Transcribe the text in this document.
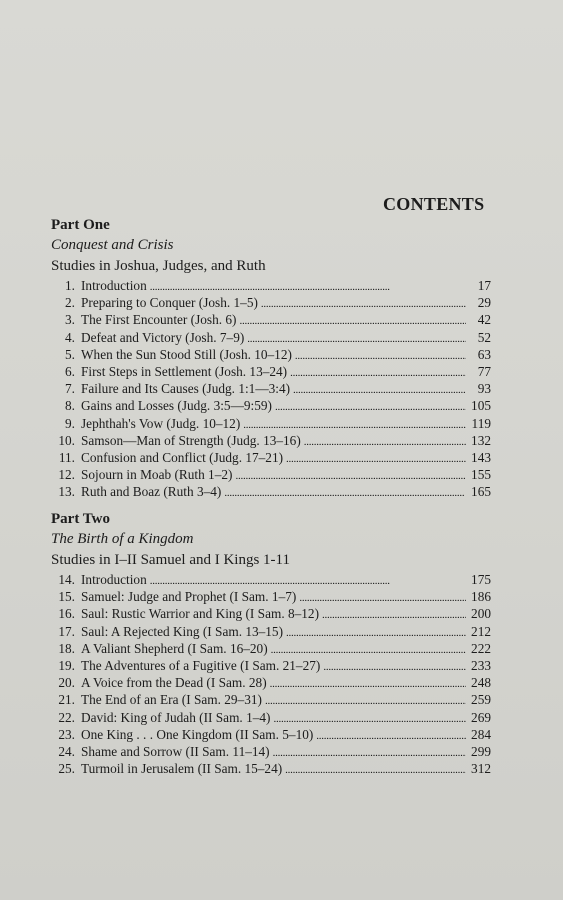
CONTENTS
Part One
Conquest and Crisis
Studies in Joshua, Judges, and Ruth
1. Introduction . . .	17
2. Preparing to Conquer (Josh. 1–5) . . .	29
3. The First Encounter (Josh. 6) . . .	42
4. Defeat and Victory (Josh. 7–9) . . .	52
5. When the Sun Stood Still (Josh. 10–12) . . .	63
6. First Steps in Settlement (Josh. 13–24) . . .	77
7. Failure and Its Causes (Judg. 1:1—3:4) . . .	93
8. Gains and Losses (Judg. 3:5—9:59) . . .	105
9. Jephthah's Vow (Judg. 10–12) . . .	119
10. Samson—Man of Strength (Judg. 13–16) . . .	132
11. Confusion and Conflict (Judg. 17–21) . . .	143
12. Sojourn in Moab (Ruth 1–2) . . .	155
13. Ruth and Boaz (Ruth 3–4) . . .	165
Part Two
The Birth of a Kingdom
Studies in I–II Samuel and I Kings 1-11
14. Introduction . . .	175
15. Samuel: Judge and Prophet (I Sam. 1–7) . . .	186
16. Saul: Rustic Warrior and King (I Sam. 8–12) . . .	200
17. Saul: A Rejected King (I Sam. 13–15) . . .	212
18. A Valiant Shepherd (I Sam. 16–20) . . .	222
19. The Adventures of a Fugitive (I Sam. 21–27) . . .	233
20. A Voice from the Dead (I Sam. 28) . . .	248
21. The End of an Era (I Sam. 29–31) . . .	259
22. David: King of Judah (II Sam. 1–4) . . .	269
23. One King . . . One Kingdom (II Sam. 5–10) . . .	284
24. Shame and Sorrow (II Sam. 11–14) . . .	299
25. Turmoil in Jerusalem (II Sam. 15–24) . . .	312
